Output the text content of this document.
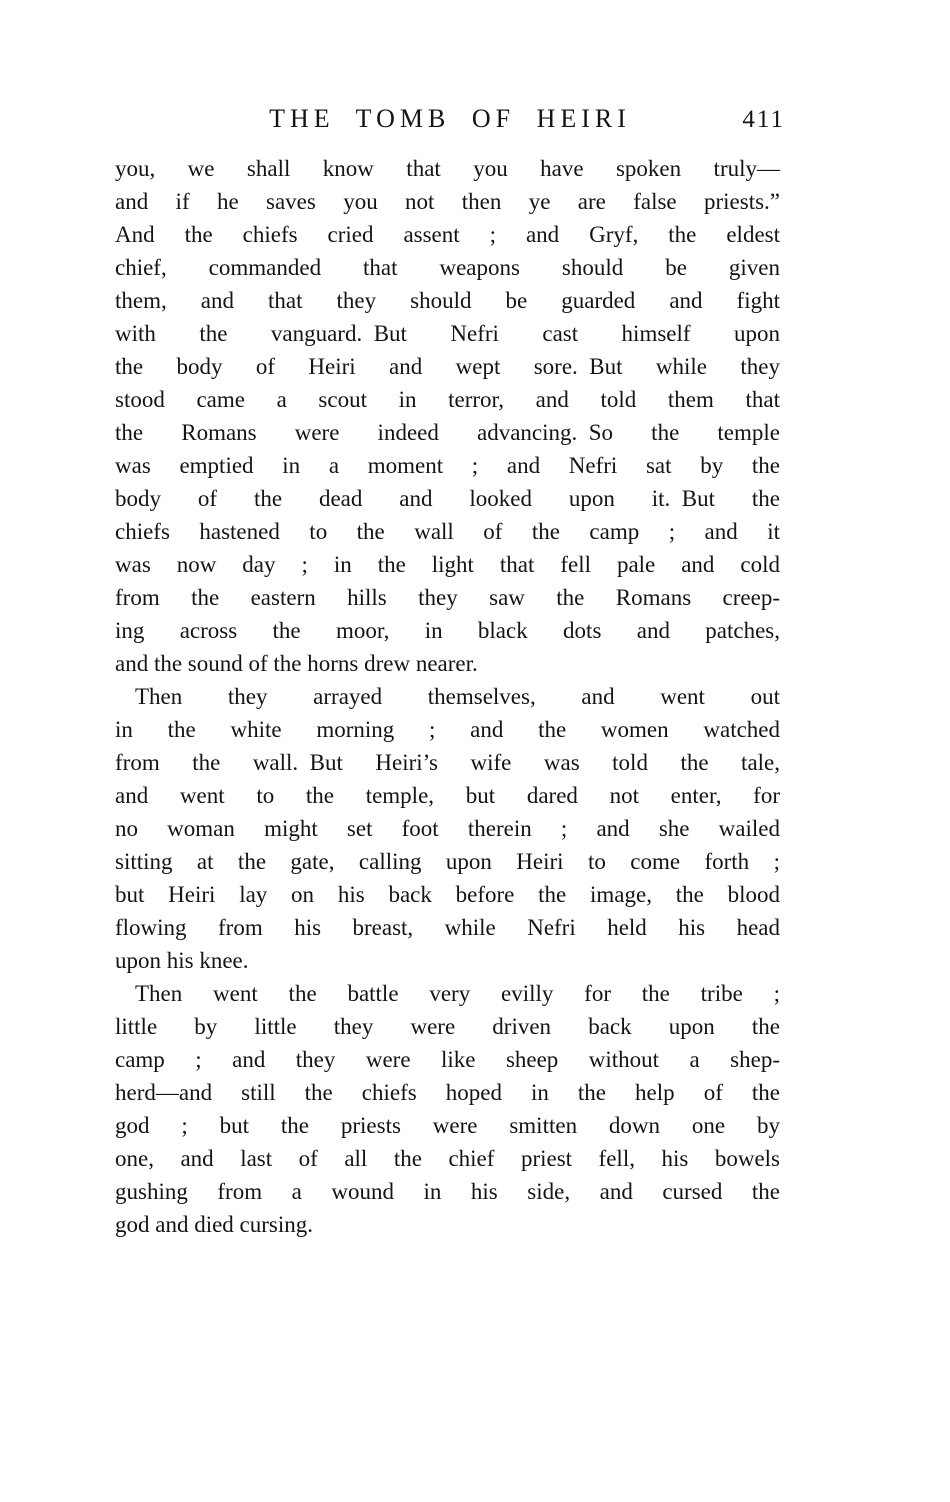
THE TOMB OF HEIRI	411
you, we shall know that you have spoken truly—
and if he saves you not then ye are false priests.”
And the chiefs cried assent ; and Gryf, the eldest
chief, commanded that weapons should be given
them, and that they should be guarded and fight
with the vanguard. But Nefri cast himself upon
the body of Heiri and wept sore. But while they
stood came a scout in terror, and told them that
the Romans were indeed advancing. So the temple
was emptied in a moment ; and Nefri sat by the
body of the dead and looked upon it. But the
chiefs hastened to the wall of the camp ; and it
was now day ; in the light that fell pale and cold
from the eastern hills they saw the Romans creep-
ing across the moor, in black dots and patches,
and the sound of the horns drew nearer.
Then they arrayed themselves, and went out
in the white morning ; and the women watched
from the wall. But Heiri’s wife was told the tale,
and went to the temple, but dared not enter, for
no woman might set foot therein ; and she wailed
sitting at the gate, calling upon Heiri to come forth ;
but Heiri lay on his back before the image, the blood
flowing from his breast, while Nefri held his head
upon his knee.
Then went the battle very evilly for the tribe ;
little by little they were driven back upon the
camp ; and they were like sheep without a shep-
herd—and still the chiefs hoped in the help of the
god ; but the priests were smitten down one by
one, and last of all the chief priest fell, his bowels
gushing from a wound in his side, and cursed the
god and died cursing.
